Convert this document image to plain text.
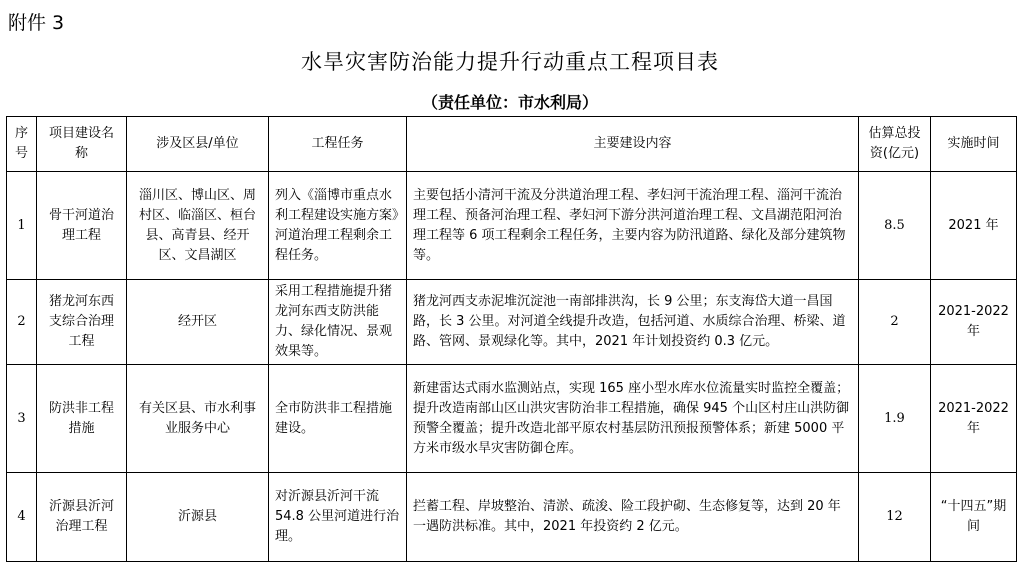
附件 3
水旱灾害防治能力提升行动重点工程项目表
（责任单位：市水利局）
序号	项目建设名称	涉及区县/单位	工程任务	主要建设内容	估算总投资(亿元)	实施时间
1	骨干河道治理工程	淄川区、博山区、周村区、临淄区、桓台县、高青县、经开区、文昌湖区	列入《淄博市重点水利工程建设实施方案》河道治理工程剩余工程任务。	主要包括小清河干流及分洪道治理工程、孝妇河干流治理工程、淄河干流治理工程、预备河治理工程、孝妇河下游分洪河道治理工程、文昌湖范阳河治理工程等 6 项工程剩余工程任务，主要内容为防汛道路、绿化及部分建筑物等。	8.5	2021 年
2	猪龙河东西支综合治理工程	经开区	采用工程措施提升猪龙河东西支防洪能力、绿化情况、景观效果等。	猪龙河西支赤泥堆沉淀池一南部排洪沟，长 9 公里；东支海岱大道一昌国路，长 3 公里。对河道全线提升改造，包括河道、水质综合治理、桥梁、道路、管网、景观绿化等。其中，2021 年计划投资约 0.3 亿元。	2	2021-2022 年
3	防洪非工程措施	有关区县、市水利事业服务中心	全市防洪非工程措施建设。	新建雷达式雨水监测站点，实现 165 座小型水库水位流量实时监控全覆盖；提升改造南部山区山洪灾害防治非工程措施，确保 945 个山区村庄山洪防御预警全覆盖；提升改造北部平原农村基层防汛预报预警体系；新建 5000 平方米市级水旱灾害防御仓库。	1.9	2021-2022 年
4	沂源县沂河治理工程	沂源县	对沂源县沂河干流 54.8 公里河道进行治理。	拦蓄工程、岸坡整治、清淤、疏浚、险工段护砌、生态修复等，达到 20 年一遇防洪标准。其中，2021 年投资约 2 亿元。	12	“十四五”期间
